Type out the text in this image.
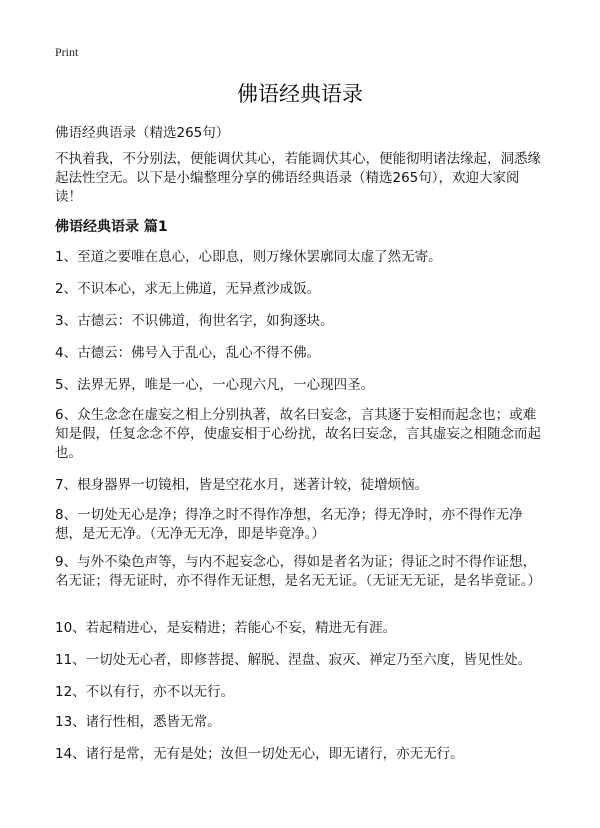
Print
佛语经典语录
佛语经典语录（精选265句）
不执着我，不分别法，便能调伏其心，若能调伏其心，便能彻明诸法缘起，洞悉缘起法性空无。以下是小编整理分享的佛语经典语录（精选265句），欢迎大家阅读！
佛语经典语录 篇1
1、至道之要唯在息心，心即息，则万缘休罢廓同太虚了然无寄。
2、不识本心，求无上佛道，无异煮沙成饭。
3、古德云：不识佛道，徇世名字，如狗逐块。
4、古德云：佛号入于乱心，乱心不得不佛。
5、法界无界，唯是一心，一心现六凡，一心现四圣。
6、众生念念在虚妄之相上分别执著，故名曰妄念，言其逐于妄相而起念也；或难知是假，任复念念不停，使虚妄相于心纷扰，故名曰妄念，言其虚妄之相随念而起也。
7、根身器界一切镜相，皆是空花水月，迷著计较，徒增烦恼。
8、一切处无心是净；得净之时不得作净想，名无净；得无净时，亦不得作无净想，是无无净。（无净无无净，即是毕竟净。）
9、与外不染色声等，与内不起妄念心，得如是者名为证；得证之时不得作证想，名无证；得无证时，亦不得作无证想，是名无无证。（无证无无证，是名毕竟证。）
10、若起精进心，是妄精进；若能心不妄，精进无有涯。
11、一切处无心者，即修菩提、解脱、涅盘、寂灭、禅定乃至六度，皆见性处。
12、不以有行，亦不以无行。
13、诸行性相，悉皆无常。
14、诸行是常，无有是处；汝但一切处无心，即无诸行，亦无无行。
